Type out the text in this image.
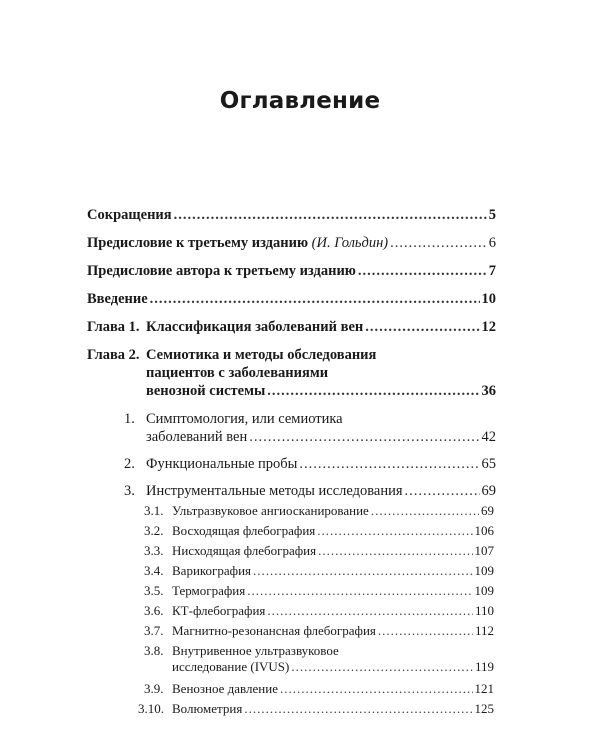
Оглавление
Сокращения .....	5
Предисловие к третьему изданию
(И. Гольдин) .....	6
Предисловие автора к третьему изданию .....	7
Введение .....	10
Глава 1. Классификация заболеваний вен .....	12
Глава 2. Семиотика и методы обследования
пациентов с заболеваниями
венозной системы .....	36
1. Симптомология, или семиотика
заболеваний вен .....	42
2. Функциональные пробы .....	65
3. Инструментальные методы исследования .....	69
3.1. Ультразвуковое ангиосканирование .....	69
3.2. Восходящая флебография .....	106
3.3. Нисходящая флебография .....	107
3.4. Варикография .....	109
3.5. Термография .....	109
3.6. КТ-флебография .....	110
3.7. Магнитно-резонансная флебография .....	112
3.8. Внутривенное ультразвуковое
исследование (IVUS) .....	119
3.9. Венозное давление .....	121
3.10. Волюметрия .....	125
